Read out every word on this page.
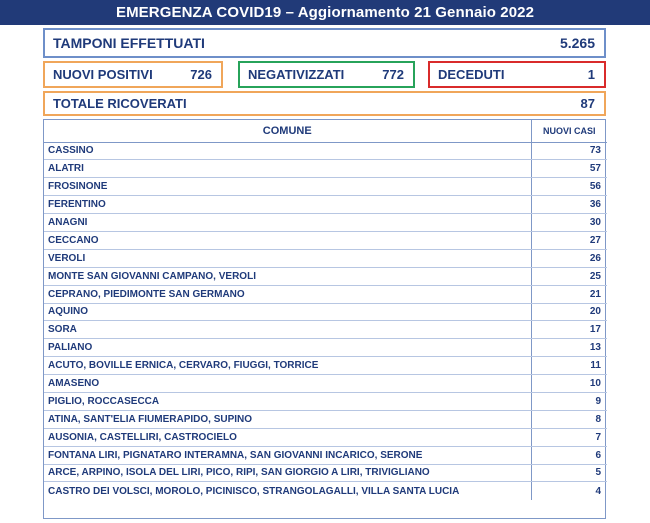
EMERGENZA COVID19 – Aggiornamento 21 Gennaio 2022
TAMPONI EFFETTUATI	5.265
NUOVI POSITIVI	726	NEGATIVIZZATI	772	DECEDUTI	1
TOTALE RICOVERATI	87
COMUNE	NUOVI CASI
CASSINO	73
ALATRI	57
FROSINONE	56
FERENTINO	36
ANAGNI	30
CECCANO	27
VEROLI	26
MONTE SAN GIOVANNI CAMPANO, VEROLI	25
CEPRANO, PIEDIMONTE SAN GERMANO	21
AQUINO	20
SORA	17
PALIANO	13
ACUTO, BOVILLE ERNICA, CERVARO, FIUGGI, TORRICE	11
AMASENO	10
PIGLIO, ROCCASECCA	9
ATINA, SANT'ELIA FIUMERAPIDO, SUPINO	8
AUSONIA, CASTELLIRI, CASTROCIELO	7
FONTANA LIRI, PIGNATARO INTERAMNA, SAN GIOVANNI INCARICO, SERONE	6
ARCE, ARPINO, ISOLA DEL LIRI, PICO, RIPI, SAN GIORGIO A LIRI, TRIVIGLIANO	5
CASTRO DEI VOLSCI, MOROLO, PICINISCO, STRANGOLAGALLI, VILLA SANTA LUCIA	4
